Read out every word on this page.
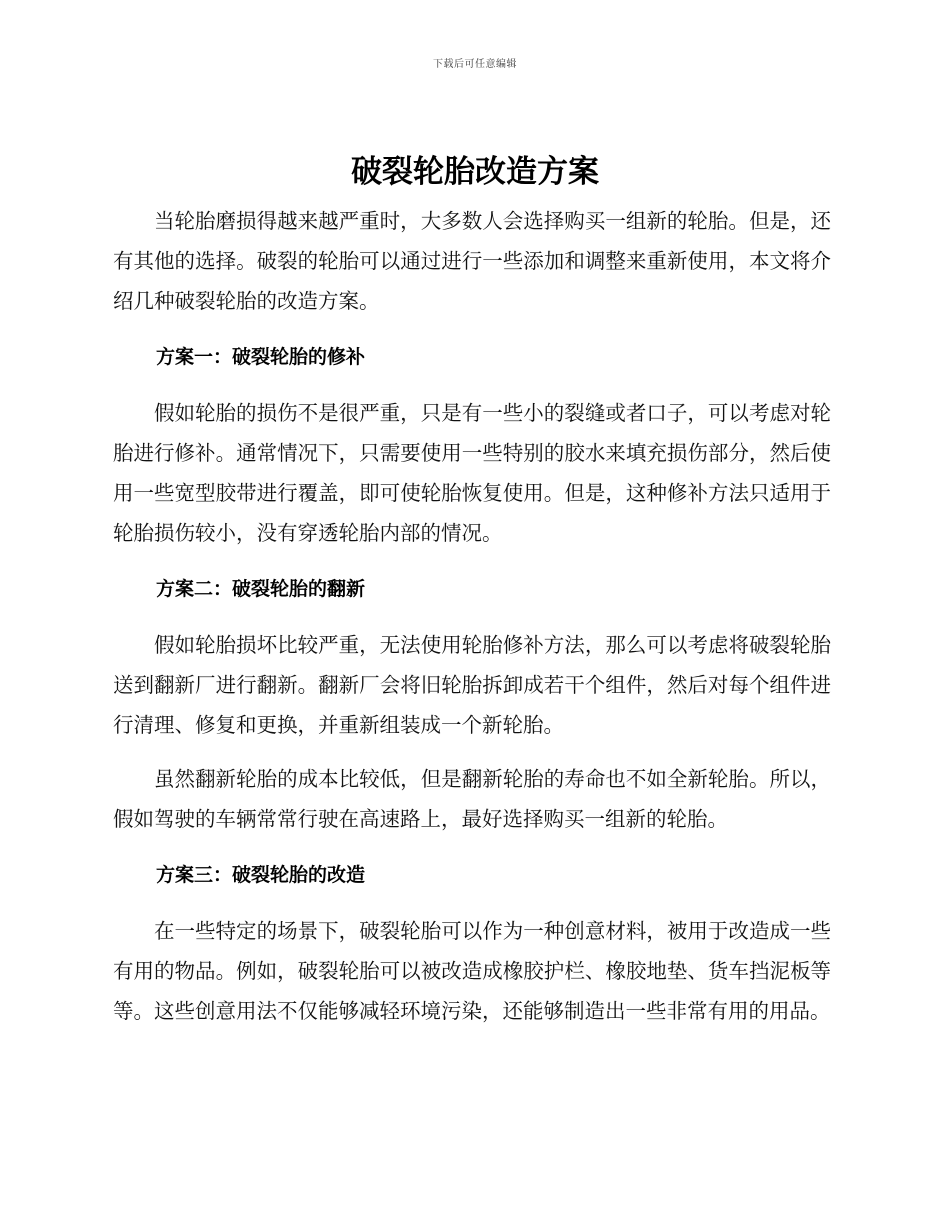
下载后可任意编辑
破裂轮胎改造方案

当轮胎磨损得越来越严重时，大多数人会选择购买一组新的轮胎。但是，还有其他的选择。破裂的轮胎可以通过进行一些添加和调整来重新使用，本文将介绍几种破裂轮胎的改造方案。

方案一：破裂轮胎的修补

假如轮胎的损伤不是很严重，只是有一些小的裂缝或者口子，可以考虑对轮胎进行修补。通常情况下，只需要使用一些特别的胶水来填充损伤部分，然后使用一些宽型胶带进行覆盖，即可使轮胎恢复使用。但是，这种修补方法只适用于轮胎损伤较小，没有穿透轮胎内部的情况。

方案二：破裂轮胎的翻新

假如轮胎损坏比较严重，无法使用轮胎修补方法，那么可以考虑将破裂轮胎送到翻新厂进行翻新。翻新厂会将旧轮胎拆卸成若干个组件，然后对每个组件进行清理、修复和更换，并重新组装成一个新轮胎。

虽然翻新轮胎的成本比较低，但是翻新轮胎的寿命也不如全新轮胎。所以，假如驾驶的车辆常常行驶在高速路上，最好选择购买一组新的轮胎。

方案三：破裂轮胎的改造

在一些特定的场景下，破裂轮胎可以作为一种创意材料，被用于改造成一些有用的物品。例如，破裂轮胎可以被改造成橡胶护栏、橡胶地垫、货车挡泥板等等。这些创意用法不仅能够减轻环境污染，还能够制造出一些非常有用的用品。
